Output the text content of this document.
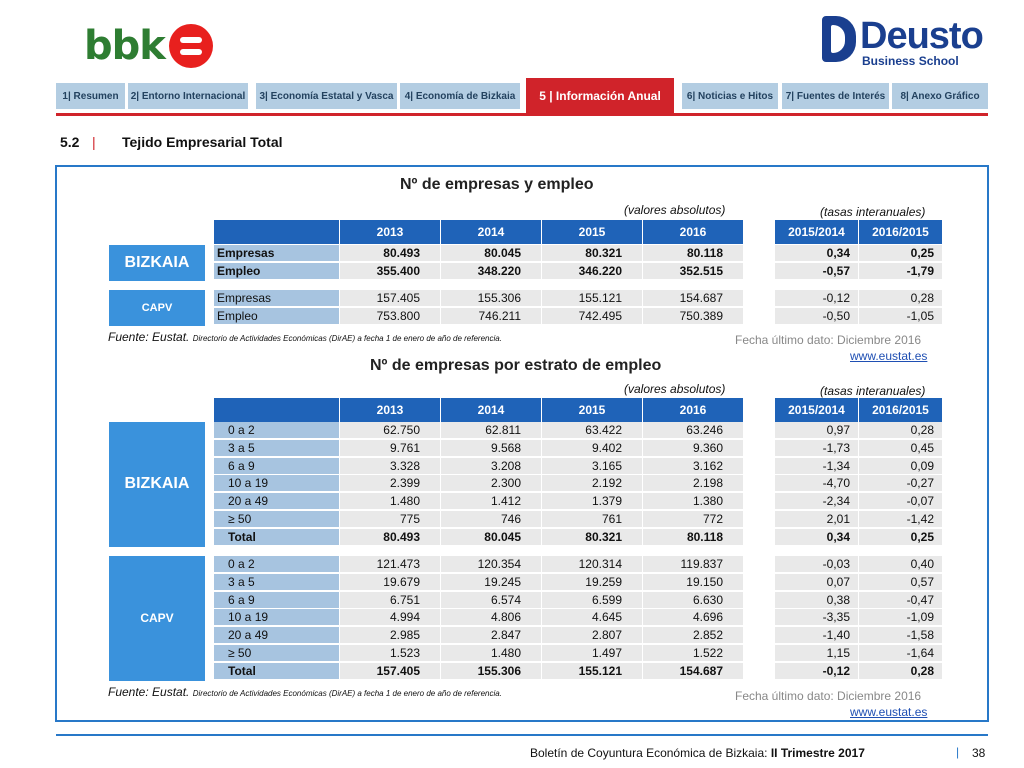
bbk	Deusto
Business School
1| Resumen	2| Entorno Internacional	3| Economía Estatal y Vasca	4| Economía de Bizkaia	5 | Información Anual	6| Noticias e Hitos	7| Fuentes de Interés	8| Anexo Gráfico
5.2 | Tejido Empresarial Total
Nº de empresas y empleo
(valores absolutos)	(tasas interanuales)
2013	2014	2015	2016	2015/2014	2016/2015
BIZKAIA
Empresas	80.493	80.045	80.321	80.118	0,34	0,25
Empleo	355.400	348.220	346.220	352.515	-0,57	-1,79
CAPV
Empresas	157.405	155.306	155.121	154.687	-0,12	0,28
Empleo	753.800	746.211	742.495	750.389	-0,50	-1,05
Fuente: Eustat. Directorio de Actividades Económicas (DirAE) a fecha 1 de enero de año de referencia.	Fecha último dato: Diciembre 2016
www.eustat.es
Nº de empresas por estrato de empleo
(valores absolutos)	(tasas interanuales)
2013	2014	2015	2016	2015/2014	2016/2015
BIZKAIA
0 a 2	62.750	62.811	63.422	63.246	0,97	0,28
3 a 5	9.761	9.568	9.402	9.360	-1,73	0,45
6 a 9	3.328	3.208	3.165	3.162	-1,34	0,09
10 a 19	2.399	2.300	2.192	2.198	-4,70	-0,27
20 a 49	1.480	1.412	1.379	1.380	-2,34	-0,07
≥ 50	775	746	761	772	2,01	-1,42
Total	80.493	80.045	80.321	80.118	0,34	0,25
CAPV
0 a 2	121.473	120.354	120.314	119.837	-0,03	0,40
3 a 5	19.679	19.245	19.259	19.150	0,07	0,57
6 a 9	6.751	6.574	6.599	6.630	0,38	-0,47
10 a 19	4.994	4.806	4.645	4.696	-3,35	-1,09
20 a 49	2.985	2.847	2.807	2.852	-1,40	-1,58
≥ 50	1.523	1.480	1.497	1.522	1,15	-1,64
Total	157.405	155.306	155.121	154.687	-0,12	0,28
Fuente: Eustat. Directorio de Actividades Económicas (DirAE) a fecha 1 de enero de año de referencia.	Fecha último dato: Diciembre 2016
www.eustat.es
Boletín de Coyuntura Económica de Bizkaia: II Trimestre 2017	| 38
